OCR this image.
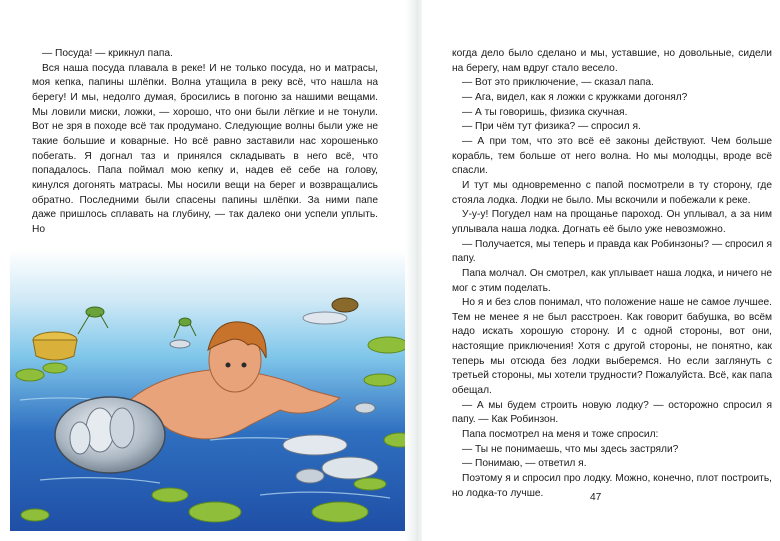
— Посуда! — крикнул папа.

Вся наша посуда плавала в реке! И не только посуда, но и матрасы, моя кепка, папины шлёпки. Волна утащила в реку всё, что нашла на берегу! И мы, недолго думая, бросились в погоню за нашими вещами. Мы ловили миски, ложки, — хорошо, что они были лёгкие и не тонули. Вот не зря в походе всё так продумано. Следующие волны были уже не такие большие и коварные. Но всё равно заставили нас хорошенько побегать. Я догнал таз и принялся складывать в него всё, что попадалось. Папа поймал мою кепку и, надев её себе на голову, кинулся догонять матрасы. Мы носили вещи на берег и возвращались обратно. Последними были спасены папины шлёпки. За ними папе даже пришлось сплавать на глубину, — так далеко они успели уплыть. Но

когда дело было сделано и мы, уставшие, но довольные, сидели на берегу, нам вдруг стало весело.

— Вот это приключение, — сказал папа.

— Ага, видел, как я ложки с кружками догонял?

— А ты говоришь, физика скучная.

— При чём тут физика? — спросил я.

— А при том, что это всё её законы действуют. Чем больше корабль, тем больше от него волна. Но мы молодцы, вроде всё спасли.

И тут мы одновременно с папой посмотрели в ту сторону, где стояла лодка. Лодки не было. Мы вскочили и побежали к реке.

У-у-у! Погудел нам на прощанье пароход. Он уплывал, а за ним уплывала наша лодка. Догнать её было уже невозможно.

— Получается, мы теперь и правда как Робинзоны? — спросил я папу.

Папа молчал. Он смотрел, как уплывает наша лодка, и ничего не мог с этим поделать.

Но я и без слов понимал, что положение наше не самое лучшее. Тем не менее я не был расстроен. Как говорит бабушка, во всём надо искать хорошую сторону. И с одной стороны, вот они, настоящие приключения! Хотя с другой стороны, не понятно, как теперь мы отсюда без лодки выберемся. Но если заглянуть с третьей стороны, мы хотели трудности? Пожалуйста. Всё, как папа обещал.

— А мы будем строить новую лодку? — осторожно спросил я папу. — Как Робинзон.

Папа посмотрел на меня и тоже спросил:

— Ты не понимаешь, что мы здесь застряли?

— Понимаю, — ответил я.

Поэтому я и спросил про лодку. Можно, конечно, плот построить, но лодка-то лучше.	47
